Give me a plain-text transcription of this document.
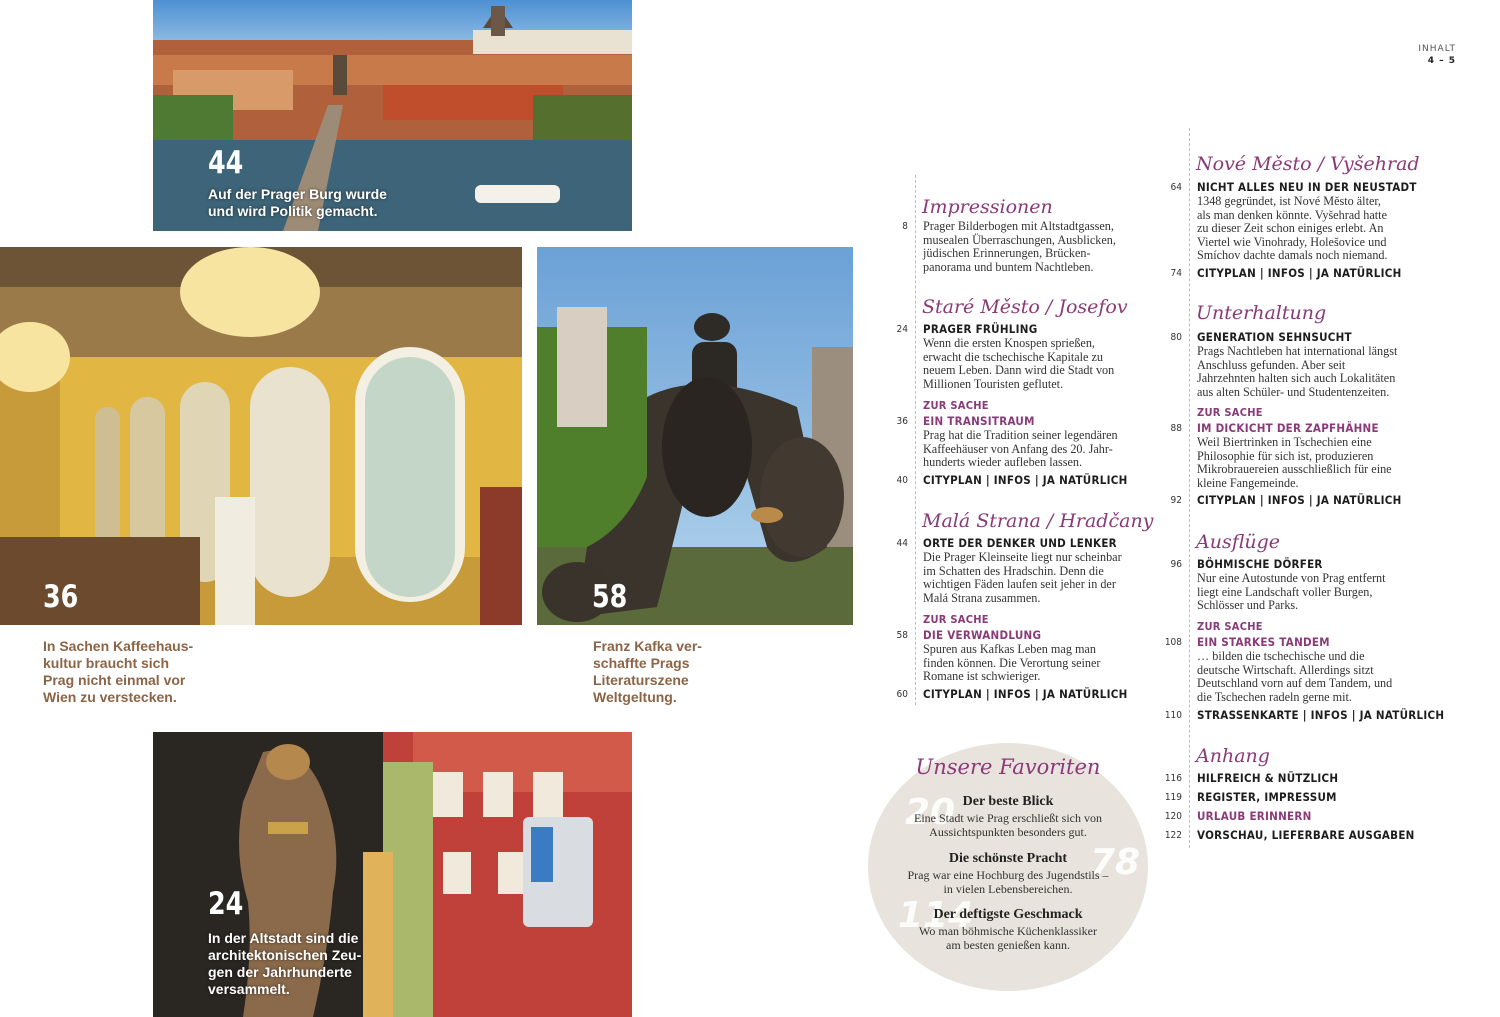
44
Auf der Prager Burg wurde und wird Politik gemacht.
36
In Sachen Kaffeehaus-kultur braucht sich Prag nicht einmal vor Wien zu verstecken.
58
Franz Kafka ver-schaffte Prags Literaturszene Weltgeltung.
24
In der Altstadt sind die architektonischen Zeu-gen der Jahrhunderte versammelt.
INHALT
4 – 5
Impressionen
8 Prager Bilderbogen mit Altstadtgassen, musealen Überraschungen, Ausblicken, jüdischen Erinnerungen, Brücken-panorama und buntem Nachtleben.
Staré Město / Josefov
24 PRAGER FRÜHLING
Wenn die ersten Knospen sprießen, erwacht die tschechische Kapitale zu neuem Leben. Dann wird die Stadt von Millionen Touristen geflutet.
ZUR SACHE
36 EIN TRANSITRAUM
Prag hat die Tradition seiner legendären Kaffeehäuser von Anfang des 20. Jahr-hunderts wieder aufleben lassen.
40 CITYPLAN | INFOS | JA NATÜRLICH
Malá Strana / Hradčany
44 ORTE DER DENKER UND LENKER
Die Prager Kleinseite liegt nur scheinbar im Schatten des Hradschin. Denn die wichtigen Fäden laufen seit jeher in der Malá Strana zusammen.
ZUR SACHE
58 DIE VERWANDLUNG
Spuren aus Kafkas Leben mag man finden können. Die Verortung seiner Romane ist schwieriger.
60 CITYPLAN | INFOS | JA NATÜRLICH
Nové Město / Vyšehrad
64 NICHT ALLES NEU IN DER NEUSTADT
1348 gegründet, ist Nové Město älter, als man denken könnte. Vyšehrad hatte zu dieser Zeit schon einiges erlebt. An Viertel wie Vinohrady, Holešovice und Smíchov dachte damals noch niemand.
74 CITYPLAN | INFOS | JA NATÜRLICH
Unterhaltung
80 GENERATION SEHNSUCHT
Prags Nachtleben hat international längst Anschluss gefunden. Aber seit Jahrzehnten halten sich auch Lokalitäten aus alten Schüler- und Studentenzeiten.
ZUR SACHE
88 IM DICKICHT DER ZAPFHÄHNE
Weil Biertrinken in Tschechien eine Philosophie für sich ist, produzieren Mikrobrauereien ausschließlich für eine kleine Fangemeinde.
92 CITYPLAN | INFOS | JA NATÜRLICH
Ausflüge
96 BÖHMISCHE DÖRFER
Nur eine Autostunde von Prag entfernt liegt eine Landschaft voller Burgen, Schlösser und Parks.
ZUR SACHE
108 EIN STARKES TANDEM
… bilden die tschechische und die deutsche Wirtschaft. Allerdings sitzt Deutschland vorn auf dem Tandem, und die Tschechen radeln gerne mit.
110 STRASSENKARTE | INFOS | JA NATÜRLICH
Anhang
116 HILFREICH & NÜTZLICH
119 REGISTER, IMPRESSUM
120 URLAUB ERINNERN
122 VORSCHAU, LIEFERBARE AUSGABEN
Unsere Favoriten
20
78
114
Der beste Blick
Eine Stadt wie Prag erschließt sich von Aussichtspunkten besonders gut.
Die schönste Pracht
Prag war eine Hochburg des Jugendstils – in vielen Lebensbereichen.
Der deftigste Geschmack
Wo man böhmische Küchenklassiker am besten genießen kann.
